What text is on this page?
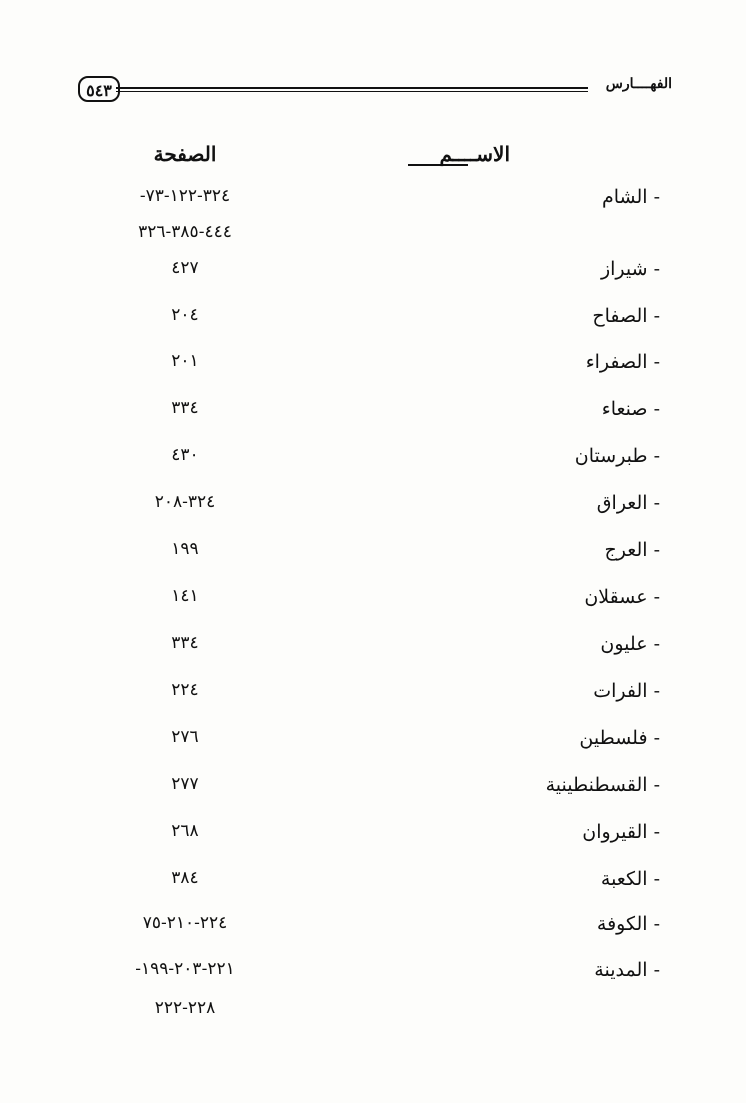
٥٤٣	الفهــــارس
الاســــم
الصفحة
- الشام
-٣٢٤-١٢٢-٧٣
٤٤٤-٣٨٥-٣٢٦
- شيراز
٤٢٧
- الصفاح
٢٠٤
- الصفراء
٢٠١
- صنعاء
٣٣٤
- طبرستان
٤٣٠
- العراق
٣٢٤-٢٠٨
- العرج
١٩٩
- عسقلان
١٤١
- عليون
٣٣٤
- الفرات
٢٢٤
- فلسطين
٢٧٦
- القسطنطينية
٢٧٧
- القيروان
٢٦٨
- الكعبة
٣٨٤
- الكوفة
٢٢٤-٢١٠-٧٥
- المدينة
-٢٢١-٢٠٣-١٩٩
٢٢٨-٢٢٢
